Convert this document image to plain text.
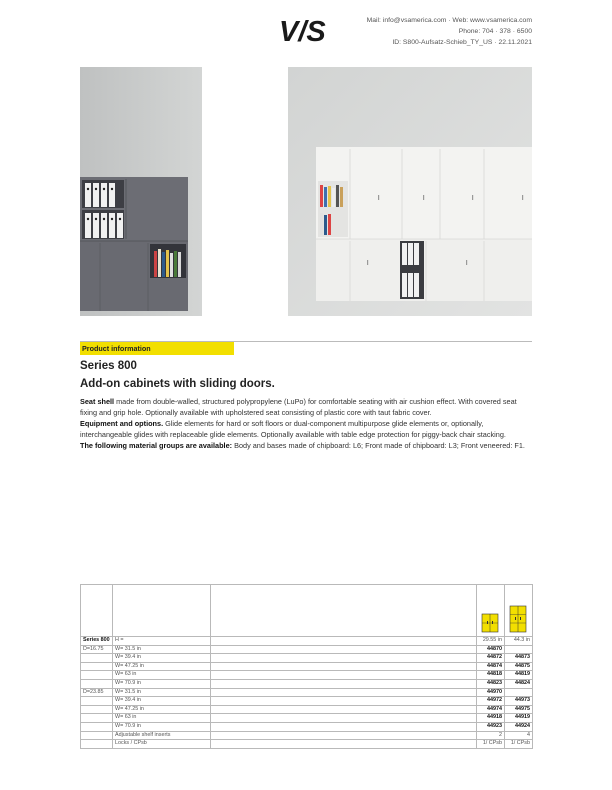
V/S	Mail: info@vsamerica.com · Web: www.vsamerica.com
Phone: 704 · 378 · 6500
ID: S800-Aufsatz-Schieb_TY_US · 22.11.2021
Product information
Series 800
Add-on cabinets with sliding doors.

Seat shell made from double-walled, structured polypropylene (LuPo) for comfortable seating with air cushion effect. With covered seat fixing and grip hole. Optionally available with upholstered seat consisting of plastic core with taut fabric cover.

Equipment and options. Glide elements for hard or soft floors or dual-component multipurpose glide elements or, optionally, interchangeable glides with replaceable glide elements. Optionally available with table edge protection for piggy-back chair stacking.

The following material groups are available: Body and bases made of chipboard: L6; Front made of chipboard: L3; Front veneered: F1.

Series 800	H =		29.55 in	44.3 in
D=16.75	W= 31.5 in		44870	
	W= 39.4 in		44872	44873
	W= 47.25 in		44874	44875
	W= 63 in		44818	44819
	W= 70.9 in		44823	44824
D=23.85	W= 31.5 in		44970	
	W= 39.4 in		44972	44973
	W= 47.25 in		44974	44975
	W= 63 in		44918	44919
	W= 70.9 in		44923	44924
	Adjustable shelf inserts		2	4
	Locks / CPsb		1/ CPsb	1/ CPsb
